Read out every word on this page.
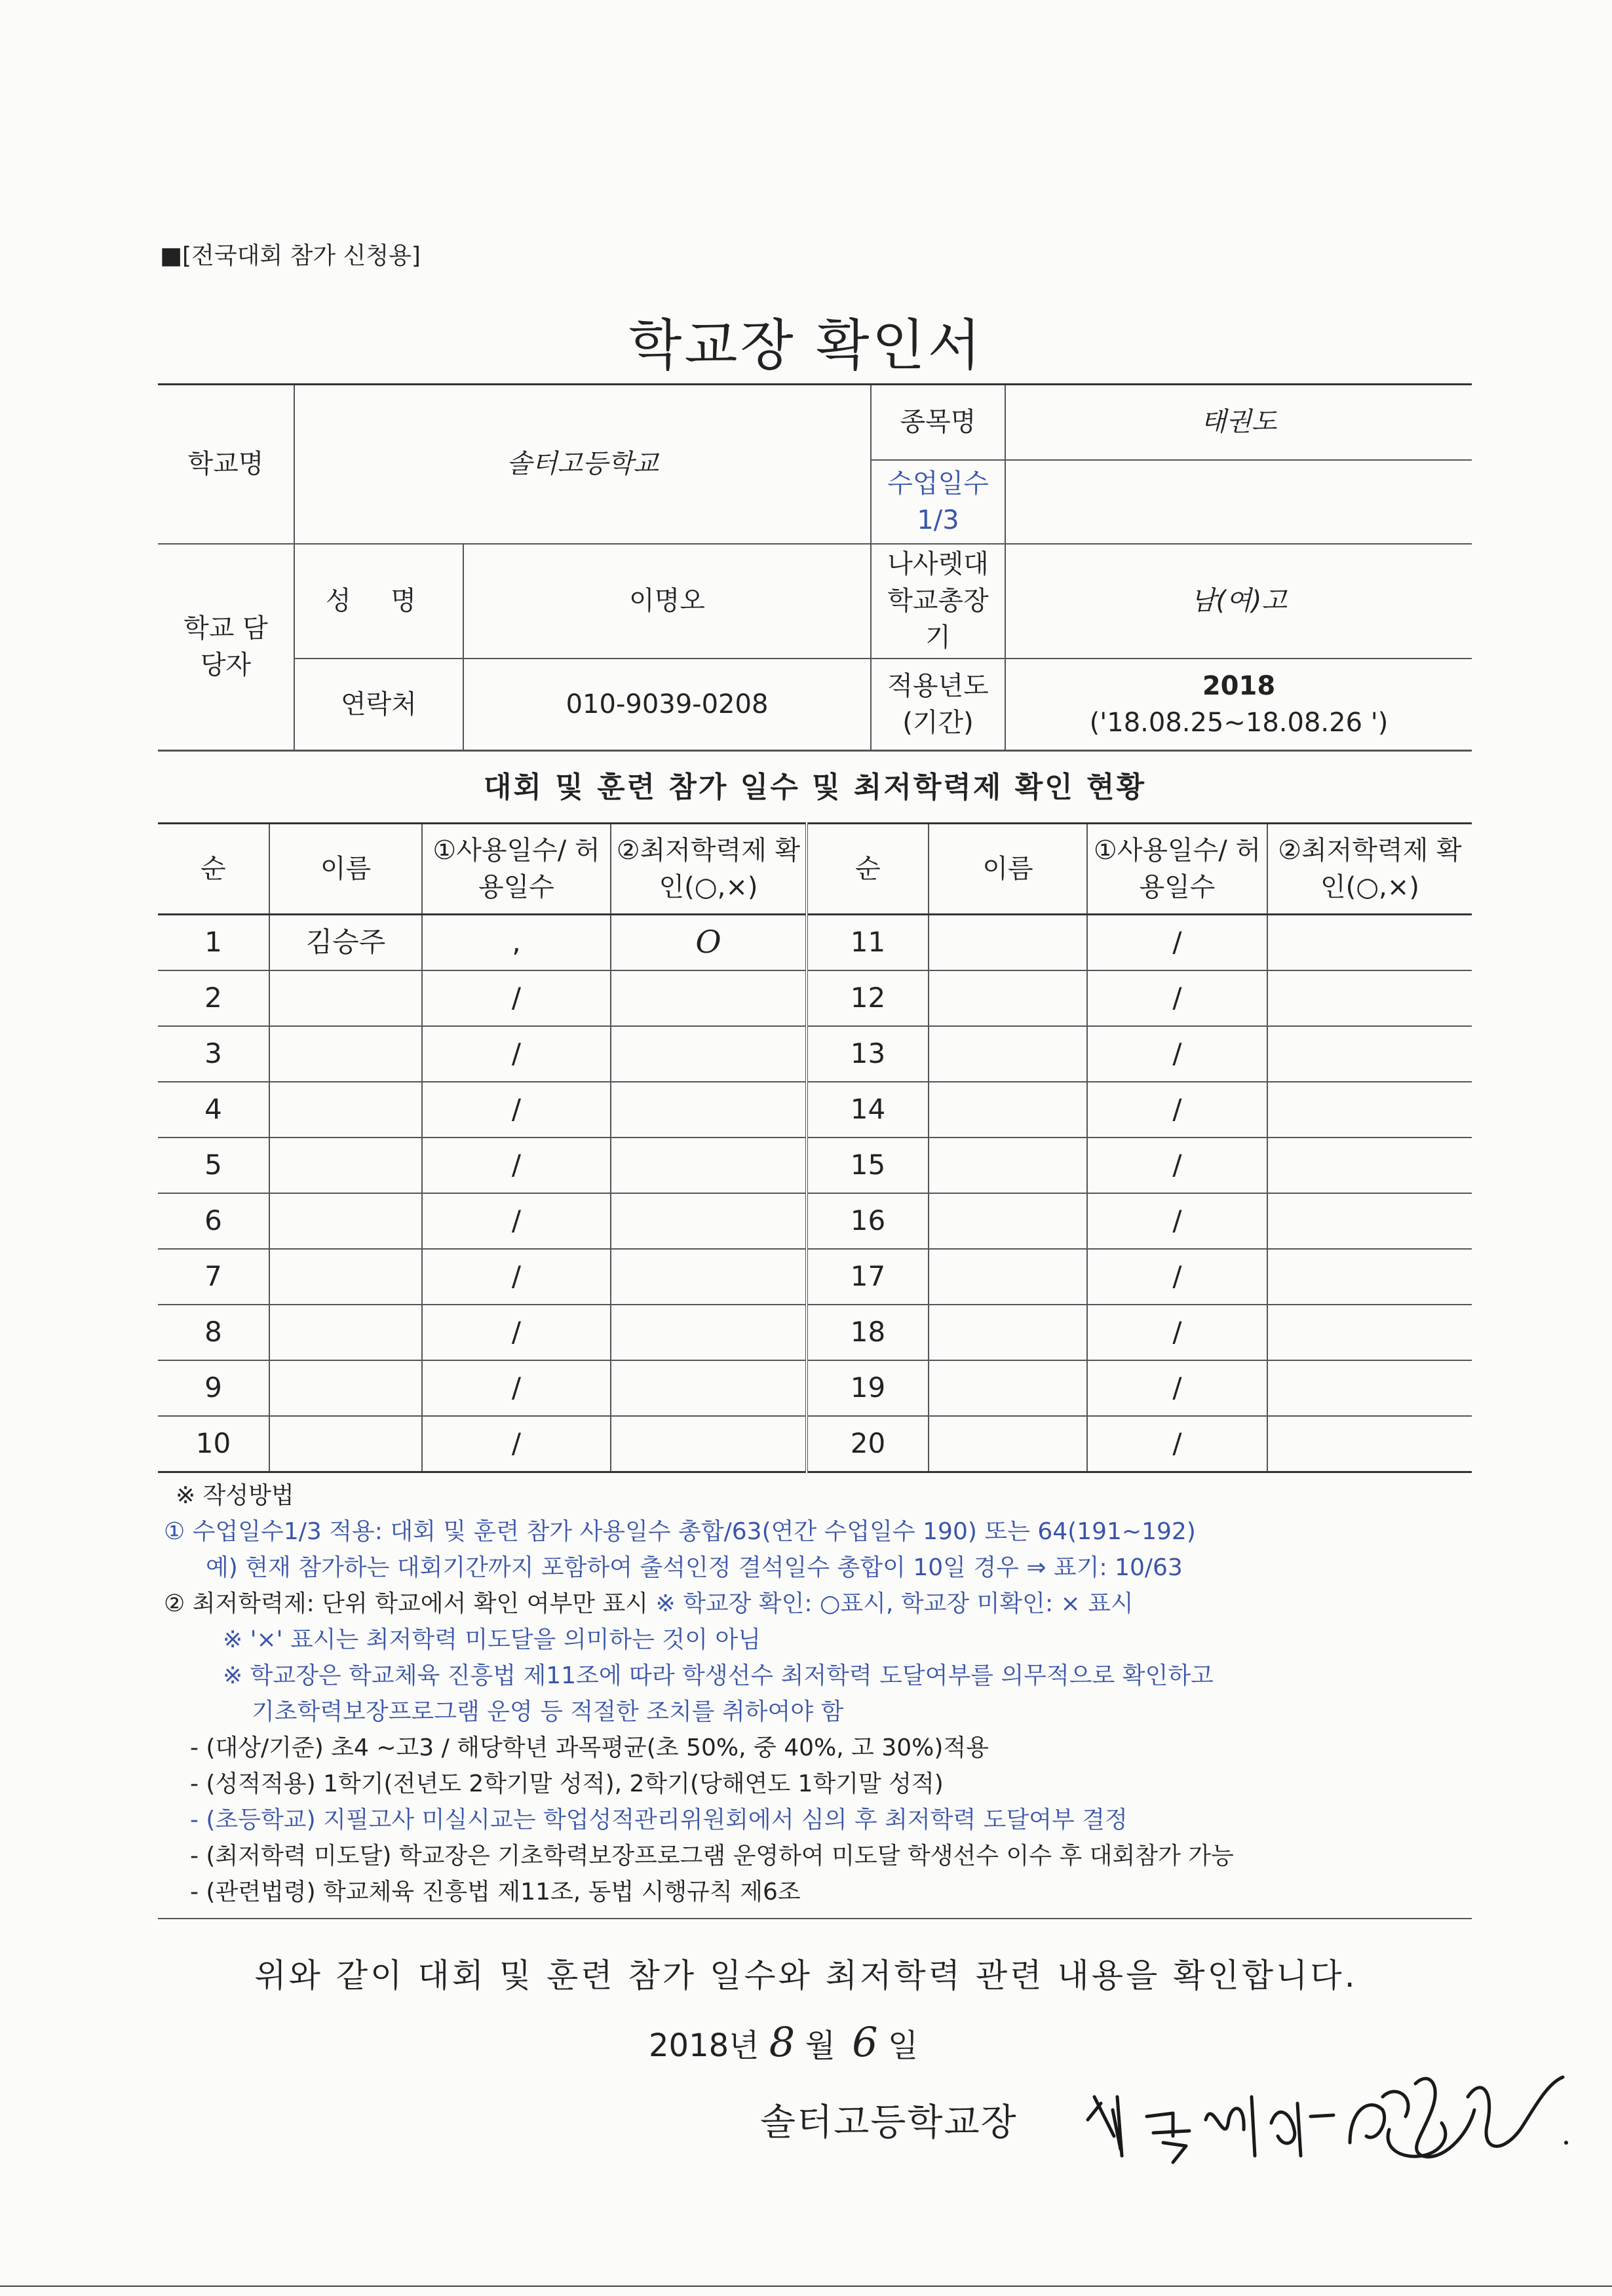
■[전국대회 참가 신청용]
학교장 확인서
학교명	솔터고등학교		종목명	태권도
			수업일수 1/3	
학교 담당자	성 명	이명오	나사렛대 학교총장기	남(여)고
	연락처	010-9039-0208	적용년도 (기간)	2018
('18.08.25~18.08.26 ')
대회 및 훈련 참가 일수 및 최저학력제 확인 현황
순	이름	①사용일수/ 허용일수	②최저학력제 확인(○,×)	순	이름	①사용일수/ 허용일수	②최저학력제 확인(○,×)
1	김승주	,	O	11		/	
2		/		12		/	
3		/		13		/	
4		/		14		/	
5		/		15		/	
6		/		16		/	
7		/		17		/	
8		/		18		/	
9		/		19		/	
10		/		20		/	
※ 작성방법
① 수업일수1/3 적용: 대회 및 훈련 참가 사용일수 총합/63(연간 수업일수 190) 또는 64(191~192)
예) 현재 참가하는 대회기간까지 포함하여 출석인정 결석일수 총합이 10일 경우 ⇒ 표기: 10/63
② 최저학력제: 단위 학교에서 확인 여부만 표시 ※ 학교장 확인: ○표시, 학교장 미확인: × 표시
※ '×' 표시는 최저학력 미도달을 의미하는 것이 아님
※ 학교장은 학교체육 진흥법 제11조에 따라 학생선수 최저학력 도달여부를 의무적으로 확인하고
기초학력보장프로그램 운영 등 적절한 조치를 취하여야 함
- (대상/기준) 초4 ~고3 / 해당학년 과목평균(초 50%, 중 40%, 고 30%)적용
- (성적적용) 1학기(전년도 2학기말 성적), 2학기(당해연도 1학기말 성적)
- (초등학교) 지필고사 미실시교는 학업성적관리위원회에서 심의 후 최저학력 도달여부 결정
- (최저학력 미도달) 학교장은 기초학력보장프로그램 운영하여 미도달 학생선수 이수 후 대회참가 가능
- (관련법령) 학교체육 진흥법 제11조, 동법 시행규칙 제6조
위와 같이 대회 및 훈련 참가 일수와 최저학력 관련 내용을 확인합니다.
2018년 8 월 6 일
솔터고등학교장
